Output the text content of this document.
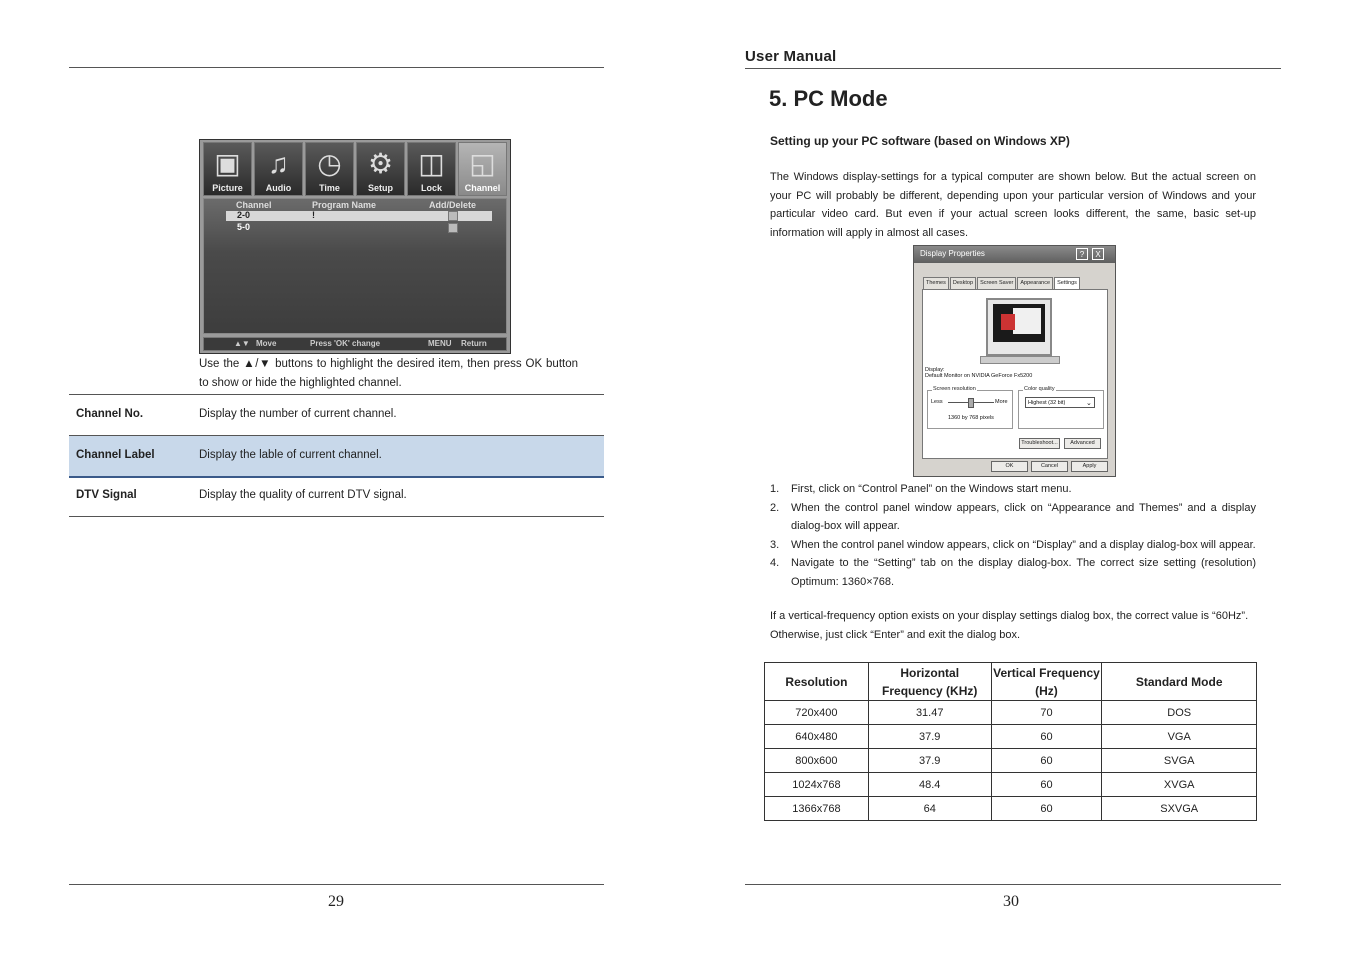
▣
Picture
♫
Audio
◷
Time
⚙
Setup
◫
Lock
◱
Channel
Channel	Program Name	Add/Delete
2-0	!
5-0
▲▼ Move	Press 'OK' change	MENU Return
Use the ▲/▼ buttons to highlight the desired item, then press OK button to show or hide the highlighted channel.
Channel No.	Display the number of current channel.
Channel Label	Display the lable of current channel.
DTV Signal	Display the quality of current DTV signal.
29
User Manual
5. PC Mode
Setting up your PC software (based on Windows XP)
The Windows display-settings for a typical computer are shown below. But the actual screen on your PC will probably be different, depending upon your particular version of Windows and your particular video card. But even if your actual screen looks different, the same, basic set-up information will apply in almost all cases.
Display Properties	?	X
Themes	Desktop	Screen Saver	Appearance	Settings
Display:
Default Monitor on NVIDIA GeForce Fx5200
Screen resolution
Less	More
1360 by 768 pixels
Color quality
Highest (32 bit)	⌄
Troubleshoot...	Advanced
OK	Cancel	Apply
1. First, click on “Control Panel” on the Windows start menu.
2. When the control panel window appears, click on “Appearance and Themes” and a display dialog-box will appear.
3. When the control panel window appears, click on “Display” and a display dialog-box will appear.
4. Navigate to the “Setting” tab on the display dialog-box. The correct size setting (resolution) Optimum: 1360×768.
If a vertical-frequency option exists on your display settings dialog box, the correct value is “60Hz”. Otherwise, just click “Enter” and exit the dialog box.
Resolution	Horizontal Frequency (KHz)	Vertical Frequency (Hz)	Standard Mode
720x400	31.47	70	DOS
640x480	37.9	60	VGA
800x600	37.9	60	SVGA
1024x768	48.4	60	XVGA
1366x768	64	60	SXVGA
30
